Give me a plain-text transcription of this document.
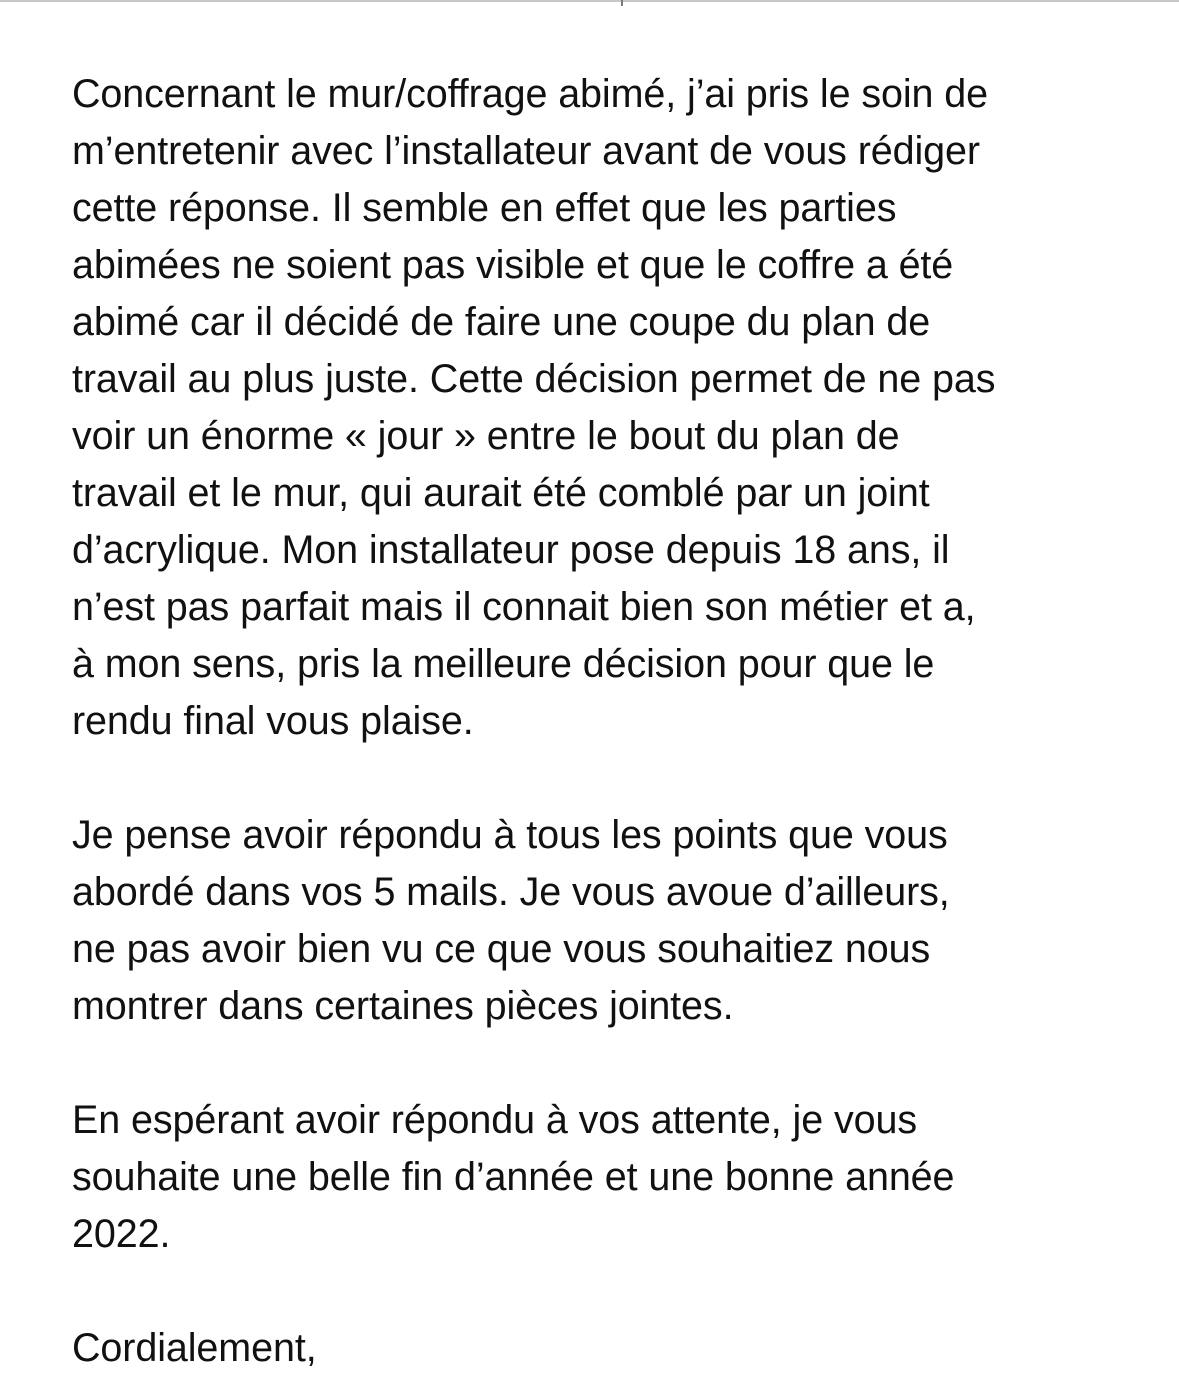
Concernant le mur/coffrage abimé, j’ai pris le soin de
m’entretenir avec l’installateur avant de vous rédiger
cette réponse. Il semble en effet que les parties
abimées ne soient pas visible et que le coffre a été
abimé car il décidé de faire une coupe du plan de
travail au plus juste. Cette décision permet de ne pas
voir un énorme « jour » entre le bout du plan de
travail et le mur, qui aurait été comblé par un joint
d’acrylique. Mon installateur pose depuis 18 ans, il
n’est pas parfait mais il connait bien son métier et a,
à mon sens, pris la meilleure décision pour que le
rendu final vous plaise.

Je pense avoir répondu à tous les points que vous
abordé dans vos 5 mails. Je vous avoue d’ailleurs,
ne pas avoir bien vu ce que vous souhaitiez nous
montrer dans certaines pièces jointes.

En espérant avoir répondu à vos attente, je vous
souhaite une belle fin d’année et une bonne année
2022.

Cordialement,
